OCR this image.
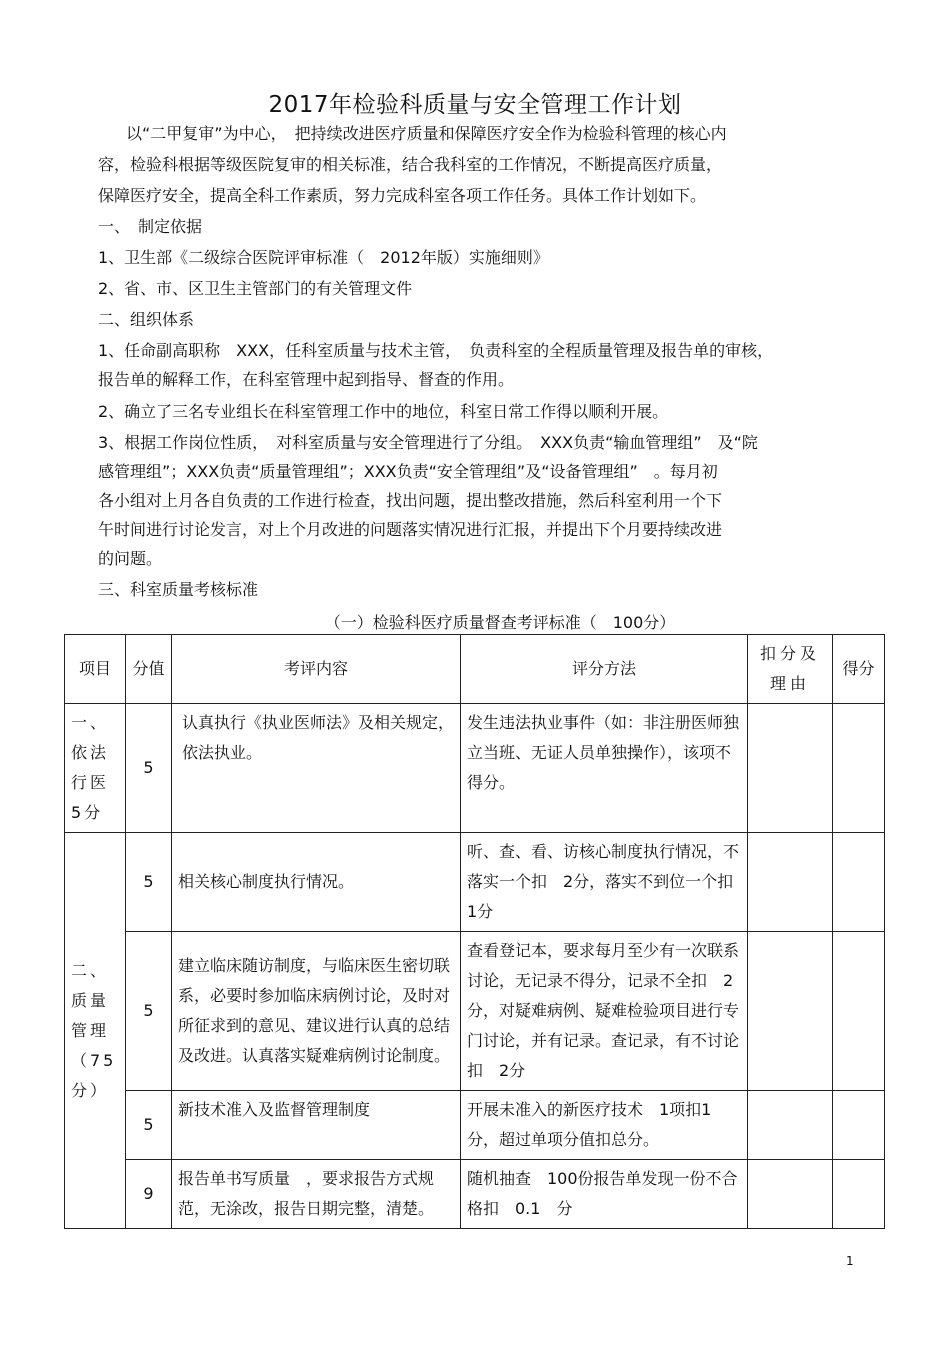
2017年检验科质量与安全管理工作计划
以“二甲复审”为中心，　把持续改进医疗质量和保障医疗安全作为检验科管理的核心内
容，检验科根据等级医院复审的相关标准，结合我科室的工作情况，不断提高医疗质量，
保障医疗安全，提高全科工作素质，努力完成科室各项工作任务。具体工作计划如下。
一、　制定依据
1、卫生部《二级综合医院评审标准（　2012年版）实施细则》
2、省、市、区卫生主管部门的有关管理文件
二、组织体系
1、任命副高职称　XXX，任科室质量与技术主管，　负责科室的全程质量管理及报告单的审核，
报告单的解释工作，在科室管理中起到指导、督查的作用。
2、确立了三名专业组长在科室管理工作中的地位，科室日常工作得以顺利开展。
3、根据工作岗位性质，　对科室质量与安全管理进行了分组。　XXX负责“输血管理组”　及“院
感管理组”；XXX负责“质量管理组”；XXX负责“安全管理组”及“设备管理组”　。每月初
各小组对上月各自负责的工作进行检查，找出问题，提出整改措施，然后科室利用一个下
午时间进行讨论发言，对上个月改进的问题落实情况进行汇报，并提出下个月要持续改进
的问题。
三、科室质量考核标准
（一）检验科医疗质量督查考评标准（　100分）
项目	分值	考评内容	评分方法	扣分及理由	得分
一、依法行医5分	5	认真执行《执业医师法》及相关规定，依法执业。	发生违法执业事件（如：非注册医师独立当班、无证人员单独操作），该项不得分。		
二、质量管理　（75分）	5	相关核心制度执行情况。	听、查、看、访核心制度执行情况，不落实一个扣　2分，落实不到位一个扣　1分		
	5	建立临床随访制度，与临床医生密切联系，必要时参加临床病例讨论，及时对所征求到的意见、建议进行认真的总结及改进。认真落实疑难病例讨论制度。	查看登记本，要求每月至少有一次联系讨论，无记录不得分，记录不全扣　2分，对疑难病例、疑难检验项目进行专门讨论，并有记录。查记录，有不讨论扣　2分		
	5	新技术准入及监督管理制度	开展未准入的新医疗技术　1项扣1分，超过单项分值扣总分。		
	9	报告单书写质量　，要求报告方式规范，无涂改，报告日期完整，清楚。	随机抽查　100份报告单发现一份不合格扣　0.1　分		
1
